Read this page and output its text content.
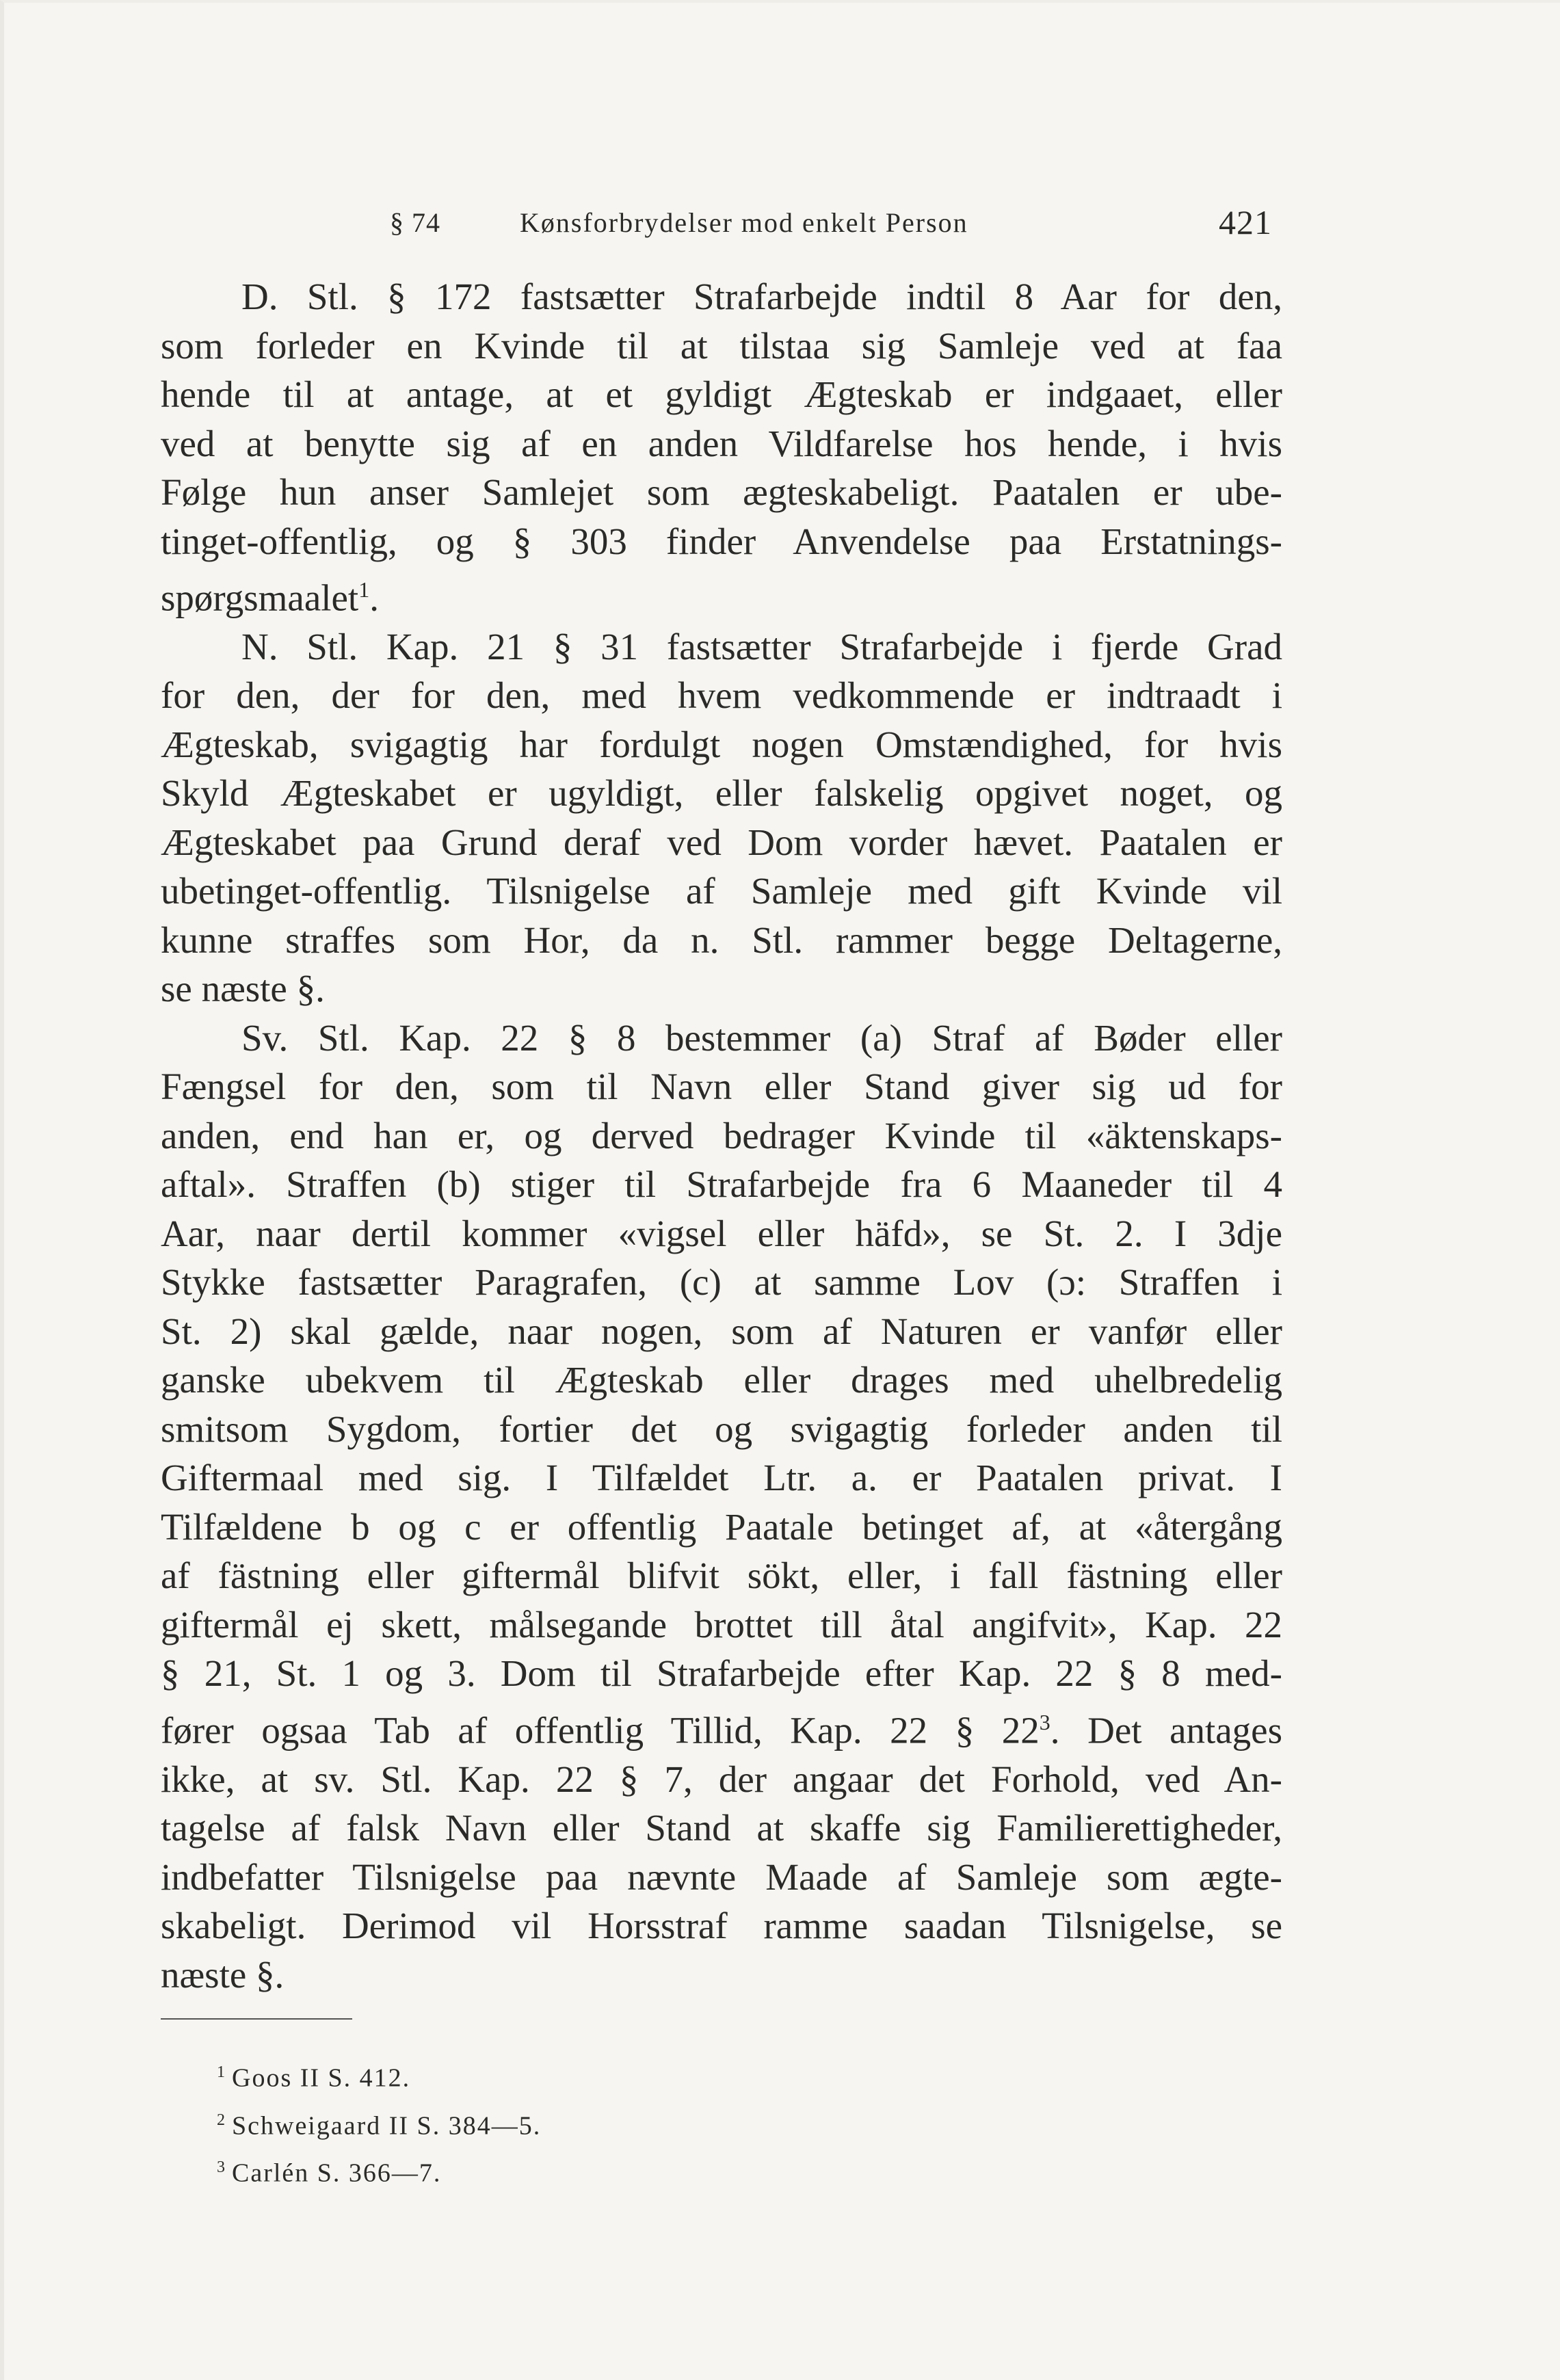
§ 74	Kønsforbrydelser mod enkelt Person	421
D. Stl. § 172 fastsætter Strafarbejde indtil 8 Aar for den,
som forleder en Kvinde til at tilstaa sig Samleje ved at faa
hende til at antage, at et gyldigt Ægteskab er indgaaet, eller
ved at benytte sig af en anden Vildfarelse hos hende, i hvis
Følge hun anser Samlejet som ægteskabeligt. Paatalen er ube-
tinget-offentlig, og § 303 finder Anvendelse paa Erstatnings-
spørgsmaalet$^1$.
N. Stl. Kap. 21 § 31 fastsætter Strafarbejde i fjerde Grad
for den, der for den, med hvem vedkommende er indtraadt i
Ægteskab, svigagtig har fordulgt nogen Omstændighed, for hvis
Skyld Ægteskabet er ugyldigt, eller falskelig opgivet noget, og
Ægteskabet paa Grund deraf ved Dom vorder hævet. Paatalen er
ubetinget-offentlig. Tilsnigelse af Samleje med gift Kvinde vil
kunne straffes som Hor, da n. Stl. rammer begge Deltagerne,
se næste §.
Sv. Stl. Kap. 22 § 8 bestemmer (a) Straf af Bøder eller
Fængsel for den, som til Navn eller Stand giver sig ud for
anden, end han er, og derved bedrager Kvinde til «äktenskaps-
aftal». Straffen (b) stiger til Strafarbejde fra 6 Maaneder til 4
Aar, naar dertil kommer «vigsel eller häfd», se St. 2. I 3dje
Stykke fastsætter Paragrafen, (c) at samme Lov (ɔ: Straffen i
St. 2) skal gælde, naar nogen, som af Naturen er vanfør eller
ganske ubekvem til Ægteskab eller drages med uhelbredelig
smitsom Sygdom, fortier det og svigagtig forleder anden til
Giftermaal med sig. I Tilfældet Ltr. a. er Paatalen privat. I
Tilfældene b og c er offentlig Paatale betinget af, at «återgång
af fästning eller giftermål blifvit sökt, eller, i fall fästning eller
giftermål ej skett, målsegande brottet till åtal angifvit», Kap. 22
§ 21, St. 1 og 3. Dom til Strafarbejde efter Kap. 22 § 8 med-
fører ogsaa Tab af offentlig Tillid, Kap. 22 § 22$^3$. Det antages
ikke, at sv. Stl. Kap. 22 § 7, der angaar det Forhold, ved An-
tagelse af falsk Navn eller Stand at skaffe sig Familierettigheder,
indbefatter Tilsnigelse paa nævnte Maade af Samleje som ægte-
skabeligt. Derimod vil Horsstraf ramme saadan Tilsnigelse, se
næste §.
$^1$ Goos II S. 412.
$^2$ Schweigaard II S. 384—5.
$^3$ Carlén S. 366—7.
